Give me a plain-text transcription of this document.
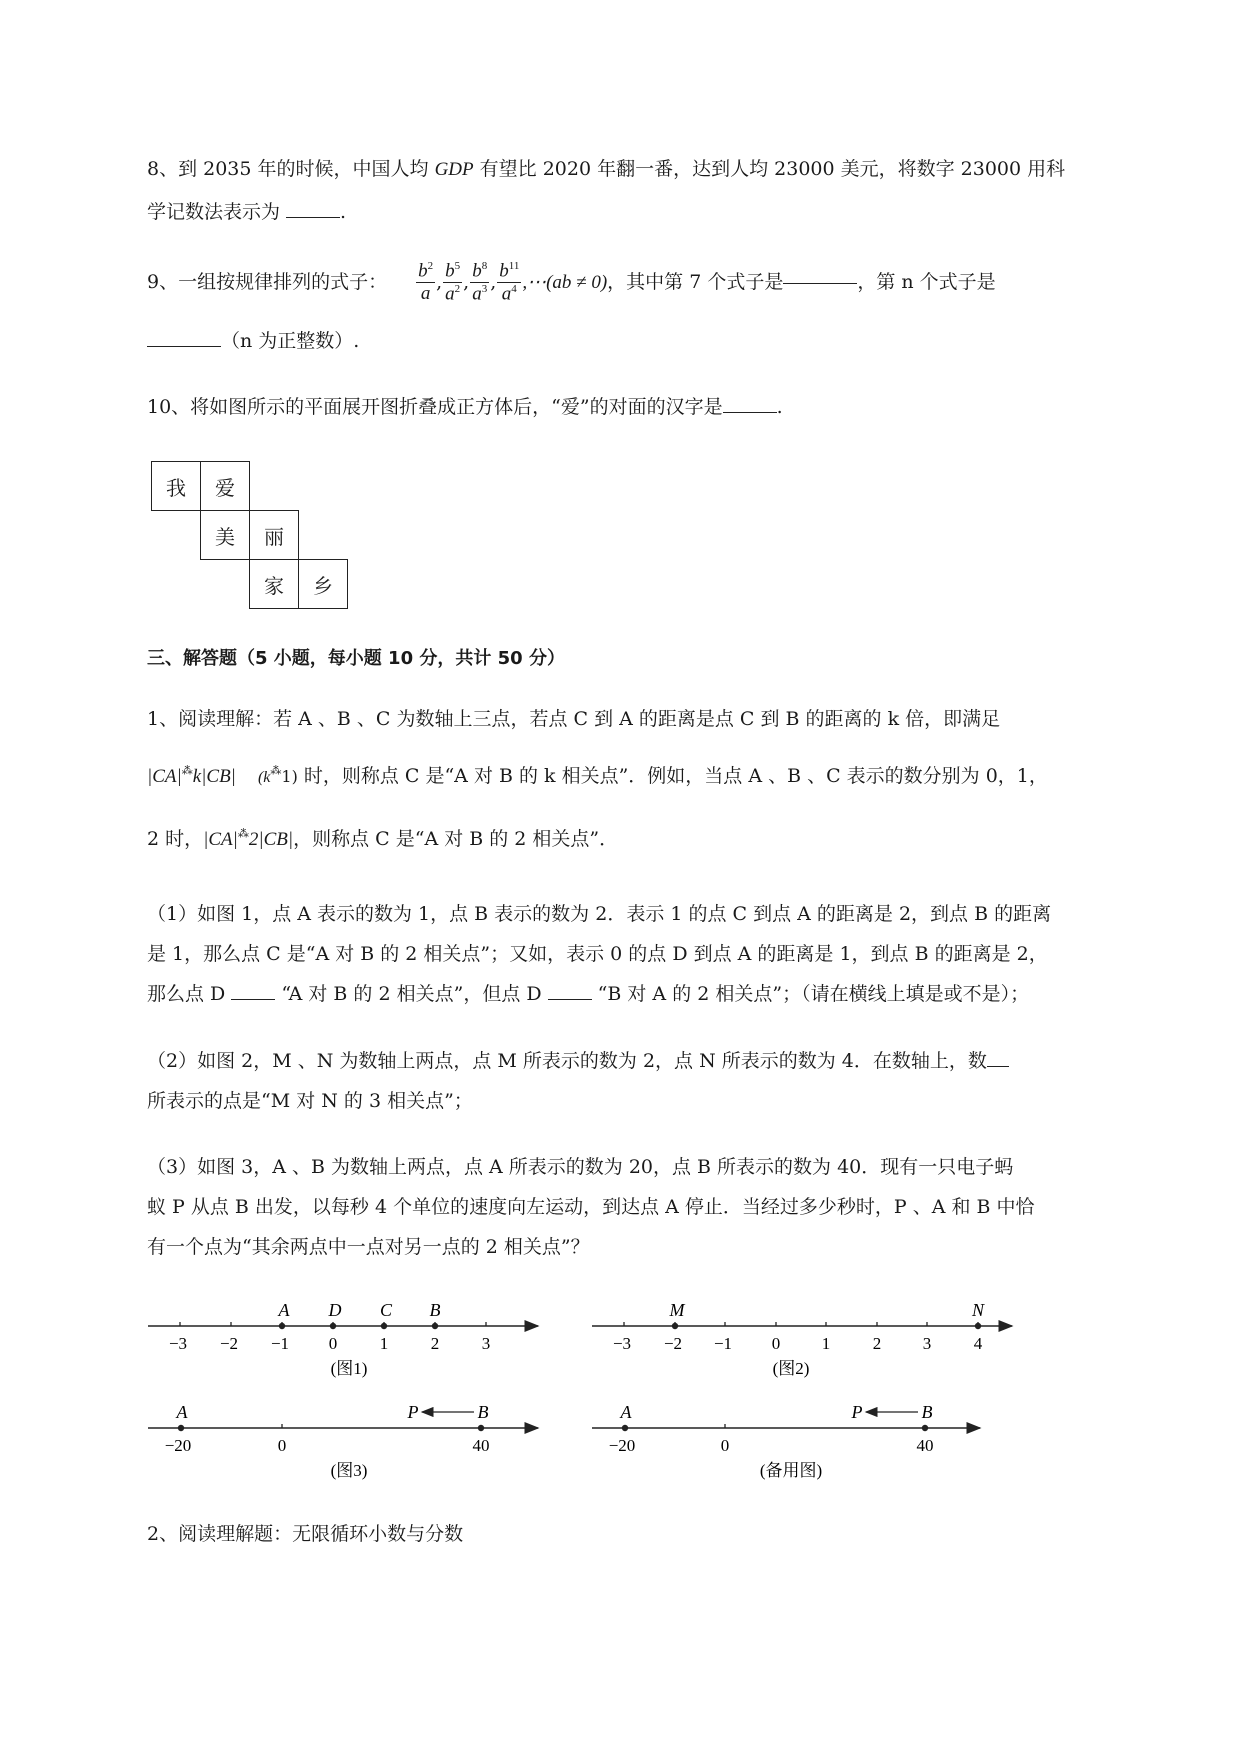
8、到 2035 年的时候，中国人均 GDP 有望比 2020 年翻一番，达到人均 23000 美元，将数字 23000 用科
学记数法表示为	.
9、一组按规律排列的式子： $\frac{b^2}{a}$ , $\frac{b^5}{a^2}$ , $\frac{b^8}{a^3}$ , $\frac{b^{11}}{a^4}$ ,⋯(ab ≠ 0) ，其中第 7 个式子是	，第 n 个式子是
（n 为正整数）.
10、将如图所示的平面展开图折叠成正方体后，“爱”的对面的汉字是	.
我	爱
美	丽
家	乡
三、解答题（5 小题，每小题 10 分，共计 50 分）
1、阅读理解：若 A 、B 、C 为数轴上三点，若点 C 到 A 的距离是点 C 到 B 的距离的 k 倍，即满足
|CA|⁂k|CB| (k⁂1) 时，则称点 C 是“A 对 B 的 k 相关点”．例如，当点 A 、B 、C 表示的数分别为 0，1，
2 时，|CA|⁂2|CB|，则称点 C 是“A 对 B 的 2 相关点”．
（1）如图 1，点 A 表示的数为 1，点 B 表示的数为 2．表示 1 的点 C 到点 A 的距离是 2，到点 B 的距离
是 1，那么点 C 是“A 对 B 的 2 相关点”；又如，表示 0 的点 D 到点 A 的距离是 1，到点 B 的距离是 2，
那么点 D  “A 对 B 的 2 相关点”，但点 D  “B 对 A 的 2 相关点”；（请在横线上填是或不是）；
（2）如图 2，M 、N 为数轴上两点，点 M 所表示的数为 2，点 N 所表示的数为 4．在数轴上，数
所表示的点是“M 对 N 的 3 相关点”；
（3）如图 3，A 、B 为数轴上两点，点 A 所表示的数为 20，点 B 所表示的数为 40．现有一只电子蚂
蚁 P 从点 B 出发，以每秒 4 个单位的速度向左运动，到达点 A 停止．当经过多少秒时，P 、A 和 B 中恰
有一个点为“其余两点中一点对另一点的 2 相关点”？
A D C B
−3 −2 −1 0	1	2	3
(图1)
M	N
−3 −2 −1 0 1	2 3	4
(图2)
A	P	B
−20	0	40
(图3)
A	P	B
−20	0	40
(备用图)
2、阅读理解题：无限循环小数与分数
